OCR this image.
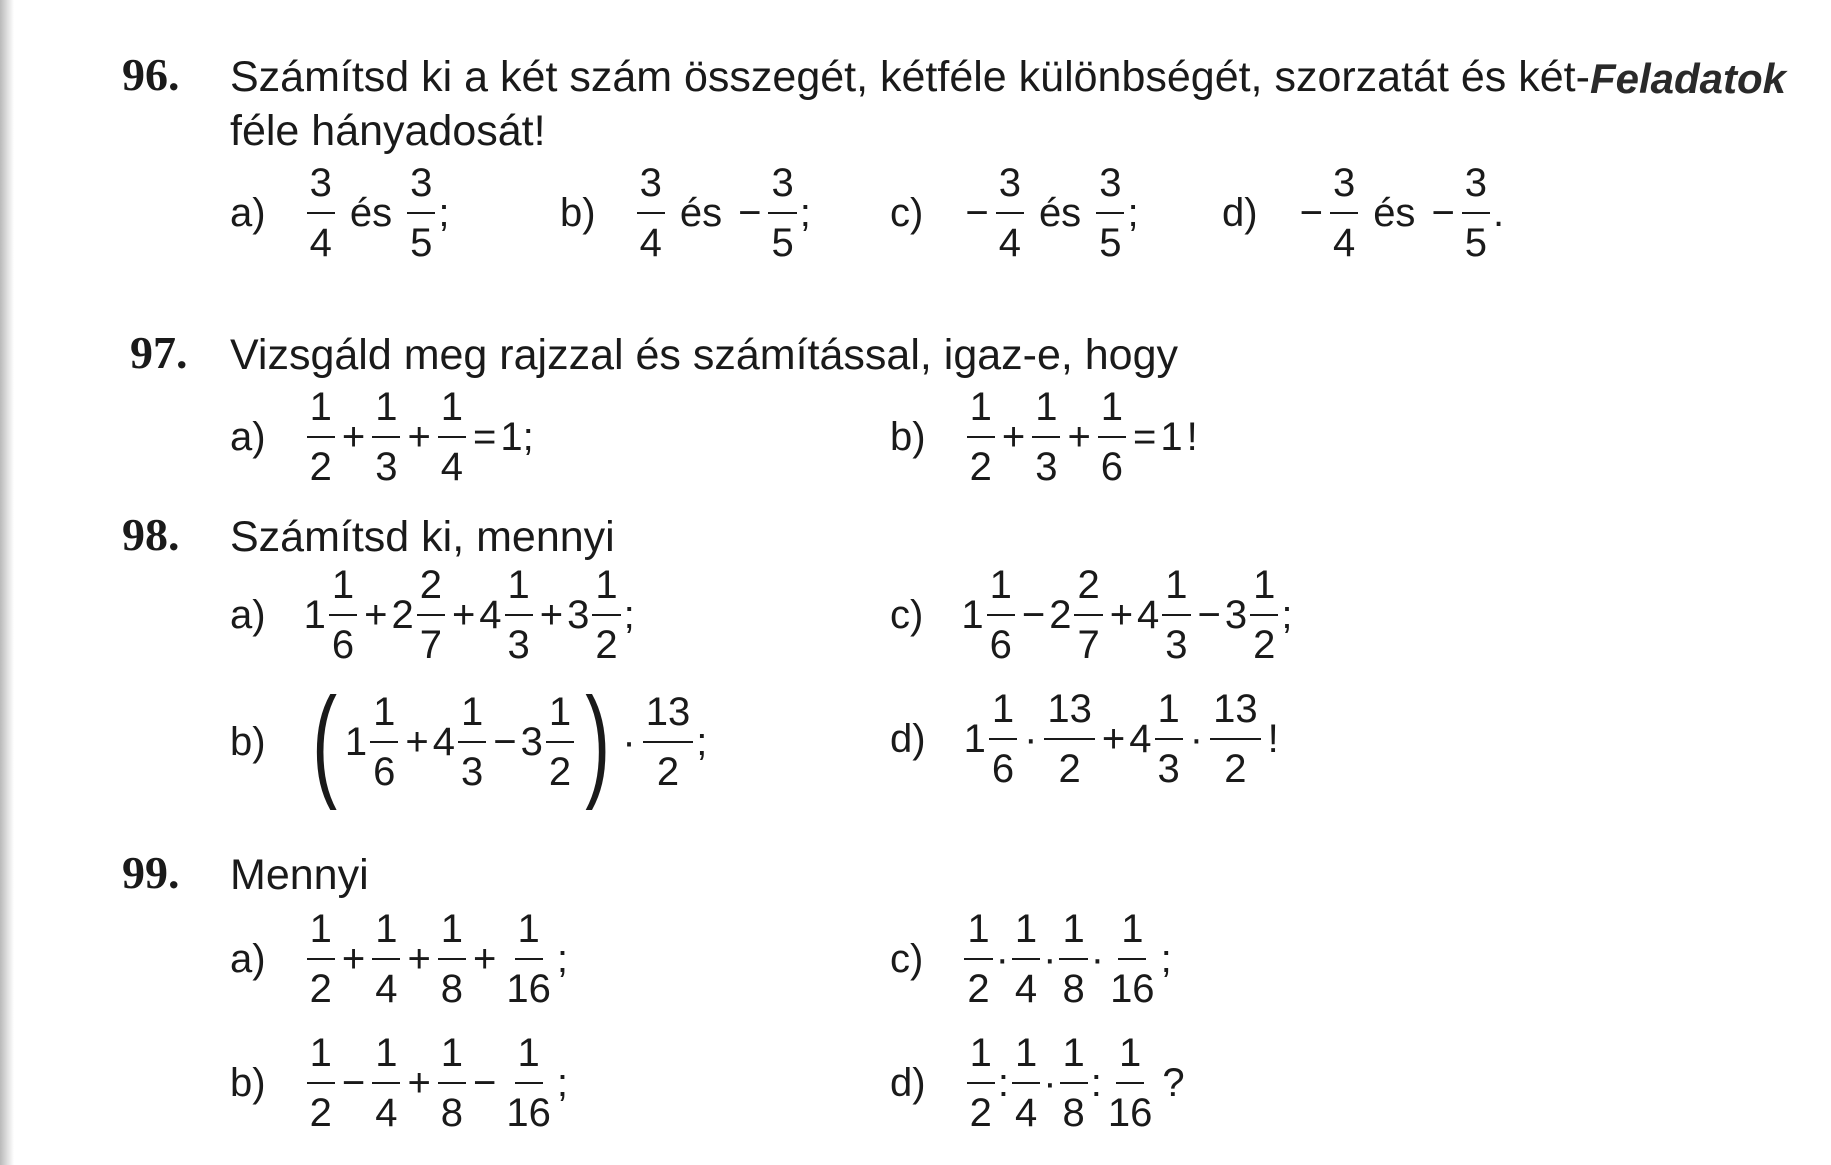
Feladatok
96. Számítsd ki a két szám összegét, kétféle különbségét, szorzatát és két-
féle hányadosát!
$a) \frac{3}{4}$ és $\frac{3}{5}$ ;	$b) \frac{3}{4}$ és − $\frac{3}{5}$ ; $c) - \frac{3}{4}$ és $\frac{3}{5}$ ; $d) - \frac{3}{4}$ és − $\frac{3}{5}$ .
97. Vizsgáld meg rajzzal és számítással, igaz-e, hogy
$a) \frac{1}{2} + \frac{1}{3} + \frac{1}{4} = 1$ ;	$b) \frac{1}{2} + \frac{1}{3} + \frac{1}{6} = 1$ !
98. Számítsd ki, mennyi
a) $1 \frac{1}{6} + 2 \frac{2}{7} + 4 \frac{1}{3} + 3 \frac{1}{2}$ ;	c) $1 \frac{1}{6} - 2 \frac{2}{7} + 4 \frac{1}{3} - 3 \frac{1}{2}$ ;
b) ( $1 \frac{1}{6} + 4 \frac{1}{3} - 3 \frac{1}{2}$ ) · $\frac{13}{2}$ ;	d) $1 \frac{1}{6} \cdot \frac{13}{2} + 4 \frac{1}{3} \cdot \frac{13}{2}$ !
99. Mennyi
$a) \frac{1}{2} + \frac{1}{4} + \frac{1}{8} + \frac{1}{16}$ ;	$c) \frac{1}{2} \cdot \frac{1}{4} \cdot \frac{1}{8} \cdot \frac{1}{16}$ ;
$b) \frac{1}{2} - \frac{1}{4} + \frac{1}{8} - \frac{1}{16}$ ;	$d) \frac{1}{2}$ : $\frac{1}{4} \cdot \frac{1}{8}$ : $\frac{1}{16}$ ?
